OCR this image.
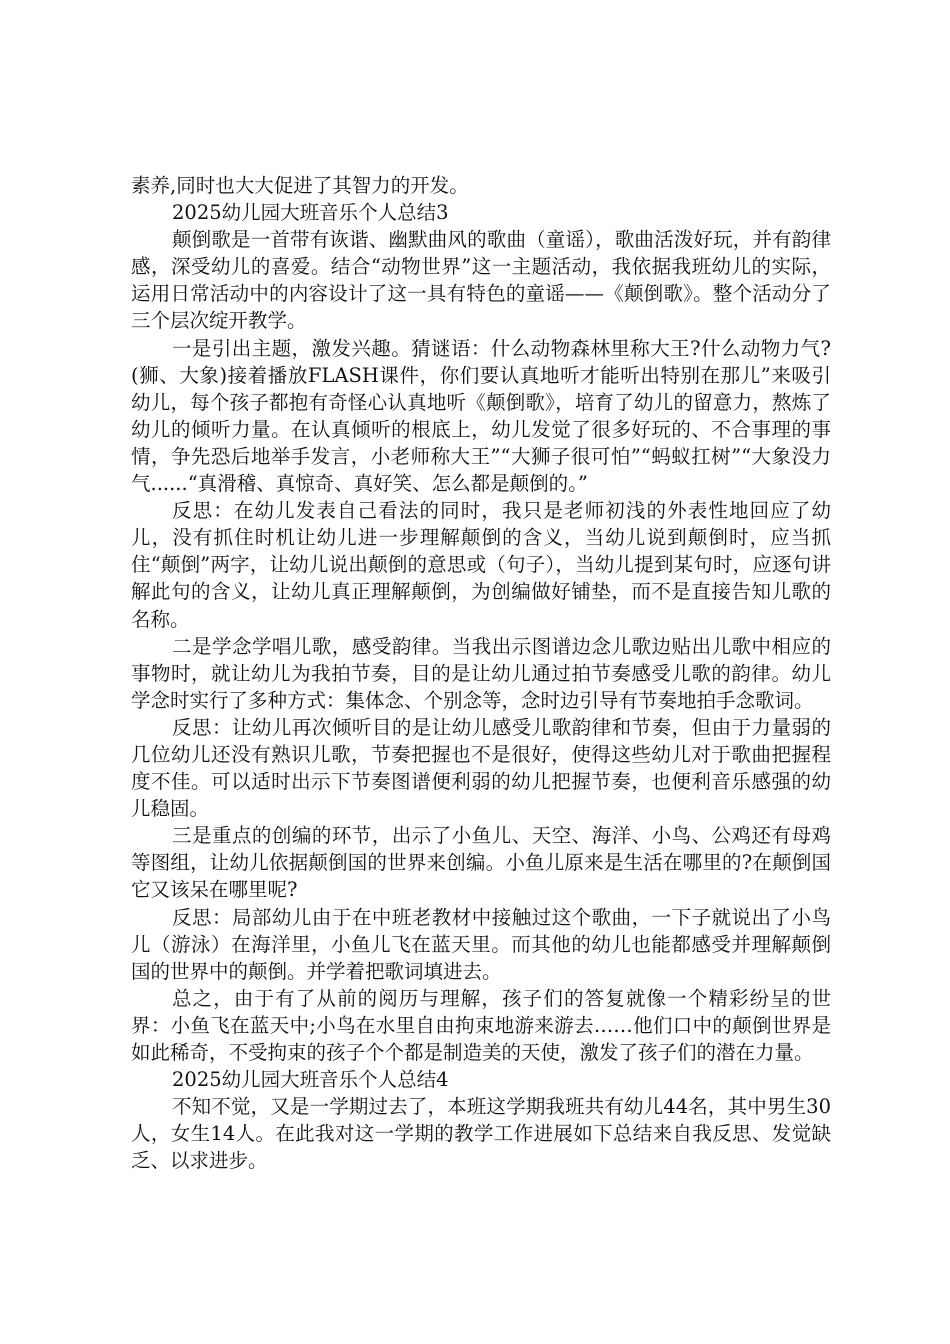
素养,同时也大大促进了其智力的开发。

2025幼儿园大班音乐个人总结3

颠倒歌是一首带有诙谐、幽默曲风的歌曲（童谣），歌曲活泼好玩，并有韵律感，深受幼儿的喜爱。结合“动物世界”这一主题活动，我依据我班幼儿的实际，运用日常活动中的内容设计了这一具有特色的童谣——《颠倒歌》。整个活动分了三个层次绽开教学。

一是引出主题，激发兴趣。猜谜语：什么动物森林里称大王?什么动物力气?(狮、大象)接着播放FLASH课件，你们要认真地听才能听出特别在那儿”来吸引幼儿，每个孩子都抱有奇怪心认真地听《颠倒歌》，培育了幼儿的留意力，熬炼了幼儿的倾听力量。在认真倾听的根底上，幼儿发觉了很多好玩的、不合事理的事情，争先恐后地举手发言，小老师称大王”“大狮子很可怕”“蚂蚁扛树”“大象没力气......“真滑稽、真惊奇、真好笑、怎么都是颠倒的。”

反思：在幼儿发表自己看法的同时，我只是老师初浅的外表性地回应了幼儿，没有抓住时机让幼儿进一步理解颠倒的含义，当幼儿说到颠倒时，应当抓住“颠倒”两字，让幼儿说出颠倒的意思或（句子），当幼儿提到某句时，应逐句讲解此句的含义，让幼儿真正理解颠倒，为创编做好铺垫，而不是直接告知儿歌的名称。

二是学念学唱儿歌，感受韵律。当我出示图谱边念儿歌边贴出儿歌中相应的事物时，就让幼儿为我拍节奏，目的是让幼儿通过拍节奏感受儿歌的韵律。幼儿学念时实行了多种方式：集体念、个别念等，念时边引导有节奏地拍手念歌词。

反思：让幼儿再次倾听目的是让幼儿感受儿歌韵律和节奏，但由于力量弱的几位幼儿还没有熟识儿歌，节奏把握也不是很好，使得这些幼儿对于歌曲把握程度不佳。可以适时出示下节奏图谱便利弱的幼儿把握节奏，也便利音乐感强的幼儿稳固。

三是重点的创编的环节，出示了小鱼儿、天空、海洋、小鸟、公鸡还有母鸡等图组，让幼儿依据颠倒国的世界来创编。小鱼儿原来是生活在哪里的?在颠倒国它又该呆在哪里呢?

反思：局部幼儿由于在中班老教材中接触过这个歌曲，一下子就说出了小鸟儿（游泳）在海洋里，小鱼儿飞在蓝天里。而其他的幼儿也能都感受并理解颠倒国的世界中的颠倒。并学着把歌词填进去。

总之，由于有了从前的阅历与理解，孩子们的答复就像一个精彩纷呈的世界：小鱼飞在蓝天中;小鸟在水里自由拘束地游来游去……他们口中的颠倒世界是如此稀奇，不受拘束的孩子个个都是制造美的天使，激发了孩子们的潜在力量。

2025幼儿园大班音乐个人总结4

不知不觉，又是一学期过去了，本班这学期我班共有幼儿44名，其中男生30人，女生14人。在此我对这一学期的教学工作进展如下总结来自我反思、发觉缺乏、以求进步。
